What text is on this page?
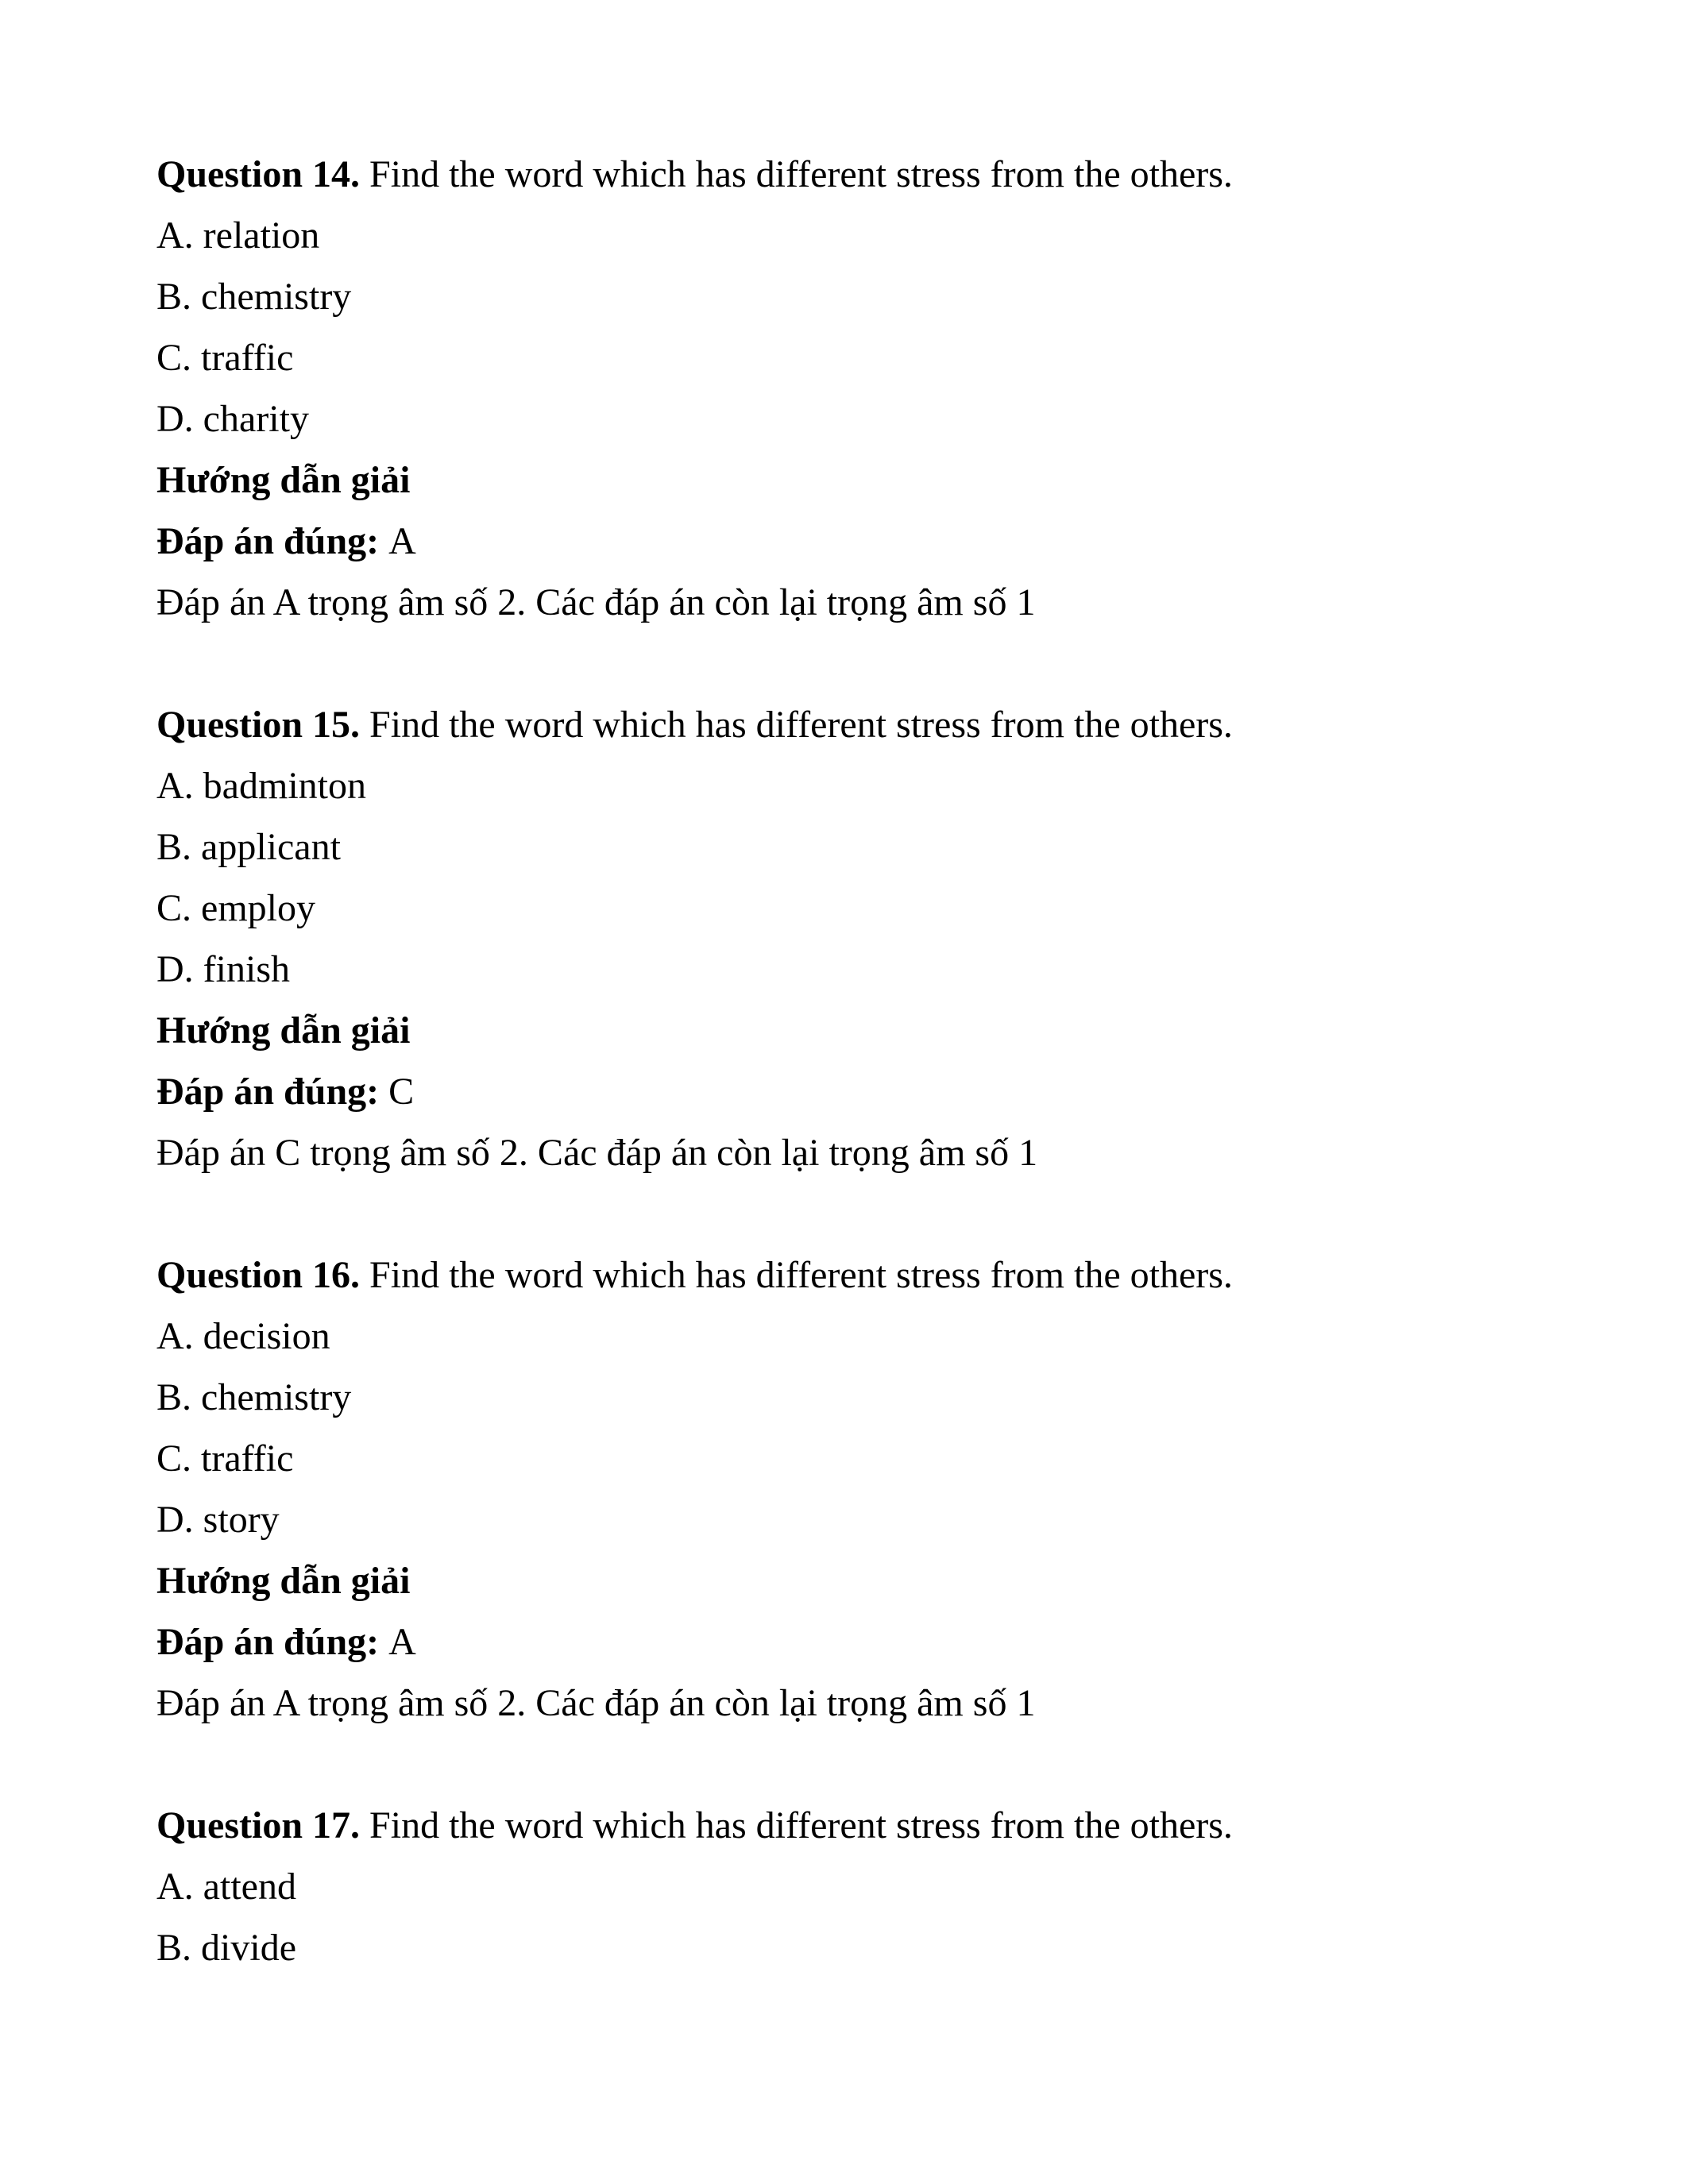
Question 14. Find the word which has different stress from the others.

A. relation

B. chemistry

C. traffic

D. charity

Hướng dẫn giải

Đáp án đúng: A

Đáp án A trọng âm số 2. Các đáp án còn lại trọng âm số 1

Question 15. Find the word which has different stress from the others.

A. badminton

B. applicant

C. employ

D. finish

Hướng dẫn giải

Đáp án đúng: C

Đáp án C trọng âm số 2. Các đáp án còn lại trọng âm số 1

Question 16. Find the word which has different stress from the others.

A. decision

B. chemistry

C. traffic

D. story

Hướng dẫn giải

Đáp án đúng: A

Đáp án A trọng âm số 2. Các đáp án còn lại trọng âm số 1

Question 17. Find the word which has different stress from the others.

A. attend

B. divide
